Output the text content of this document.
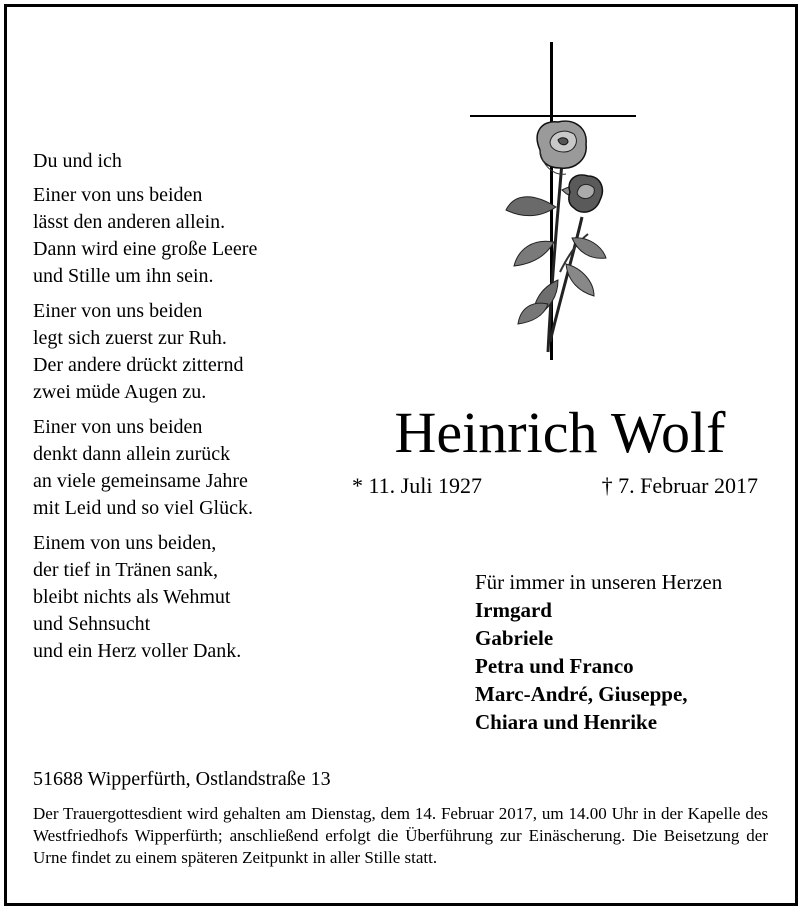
Du und ich
Einer von uns beiden
lässt den anderen allein.
Dann wird eine große Leere
und Stille um ihn sein.
Einer von uns beiden
legt sich zuerst zur Ruh.
Der andere drückt zitternd
zwei müde Augen zu.
Einer von uns beiden
denkt dann allein zurück
an viele gemeinsame Jahre
mit Leid und so viel Glück.
Einem von uns beiden,
der tief in Tränen sank,
bleibt nichts als Wehmut
und Sehnsucht
und ein Herz voller Dank.
Heinrich Wolf
* 11. Juli 1927	† 7. Februar 2017
Für immer in unseren Herzen
Irmgard
Gabriele
Petra und Franco
Marc-André, Giuseppe,
Chiara und Henrike
51688 Wipperfürth, Ostlandstraße 13
Der Trauergottesdient wird gehalten am Dienstag, dem 14. Februar 2017, um 14.00 Uhr in der Kapelle des Westfriedhofs Wipperfürth; anschließend erfolgt die Überführung zur Einäscherung. Die Beisetzung der Urne findet zu einem späteren Zeitpunkt in aller Stille statt.
